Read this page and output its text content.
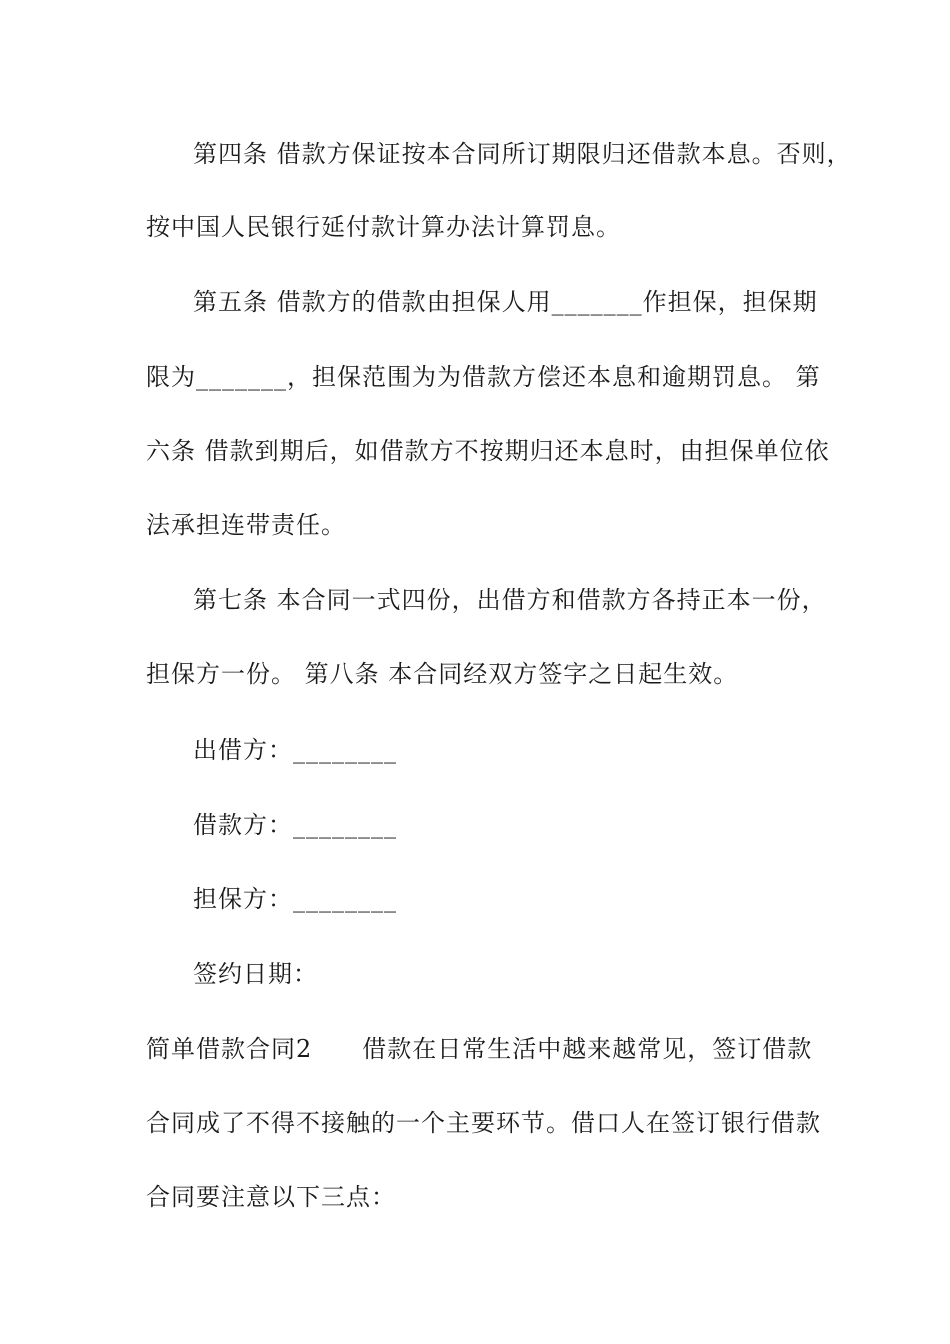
第四条 借款方保证按本合同所订期限归还借款本息。否则，
按中国人民银行延付款计算办法计算罚息。
第五条 借款方的借款由担保人用_______作担保，担保期
限为_______，担保范围为为借款方偿还本息和逾期罚息。 第
六条 借款到期后，如借款方不按期归还本息时，由担保单位依
法承担连带责任。
第七条 本合同一式四份，出借方和借款方各持正本一份，
担保方一份。 第八条 本合同经双方签字之日起生效。
出借方：________
借款方：________
担保方：________
签约日期：
简单借款合同2　　借款在日常生活中越来越常见，签订借款
合同成了不得不接触的一个主要环节。借口人在签订银行借款
合同要注意以下三点：
